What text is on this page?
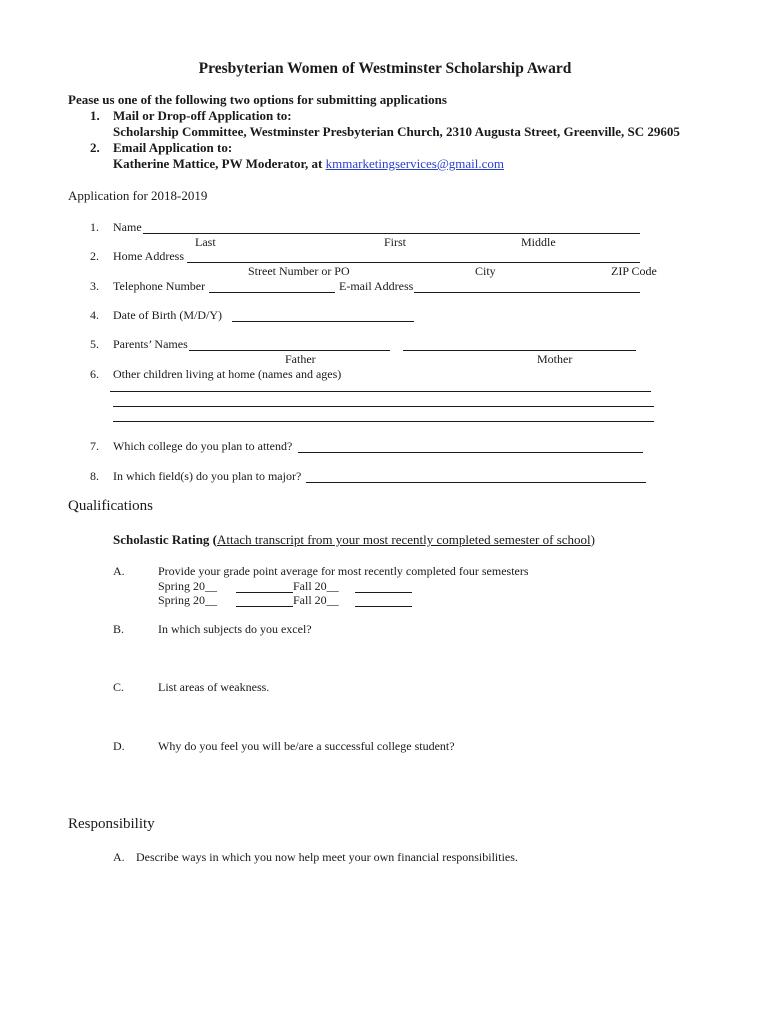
Presbyterian Women of Westminster Scholarship Award
Pease us one of the following two options for submitting applications
1. Mail or Drop-off Application to:
Scholarship Committee, Westminster Presbyterian Church, 2310 Augusta Street, Greenville, SC 29605
2. Email Application to:
Katherine Mattice, PW Moderator, at kmmarketingservices@gmail.com
Application for 2018-2019
1. Name
Last	First	Middle
2. Home Address
Street Number or PO	City	ZIP Code
3. Telephone Number	E-mail Address
4. Date of Birth (M/D/Y)
5. Parents’ Names
Father	Mother
6. Other children living at home (names and ages)
7. Which college do you plan to attend?
8. In which field(s) do you plan to major?
Qualifications
Scholastic Rating (Attach transcript from your most recently completed semester of school)
A.	Provide your grade point average for most recently completed four semesters
Spring 20__	Fall 20__
Spring 20__	Fall 20__
B.	In which subjects do you excel?
C.	List areas of weakness.
D.	Why do you feel you will be/are a successful college student?
Responsibility
A. Describe ways in which you now help meet your own financial responsibilities.
